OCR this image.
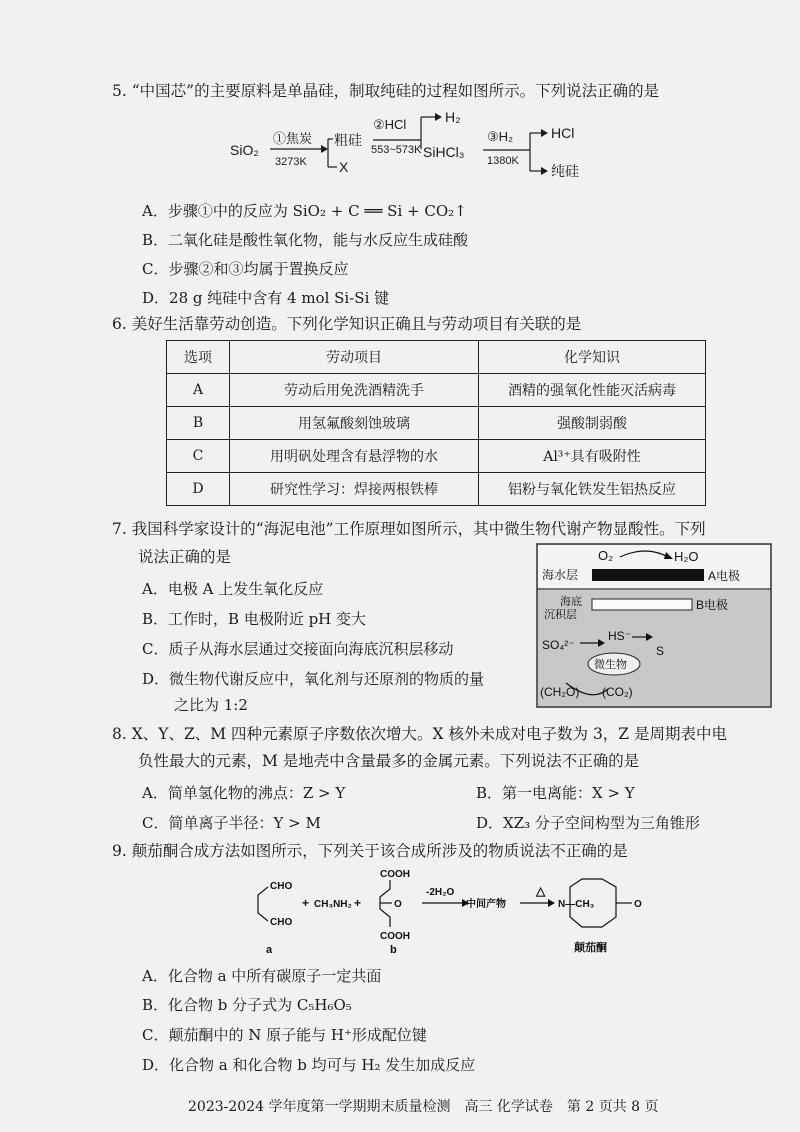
5. “中国芯”的主要原料是单晶硅，制取纯硅的过程如图所示。下列说法正确的是
SiO₂
①焦炭
3273K
粗硅
X
②HCl
553~573K
H₂
SiHCl₃
③H₂
1380K
HCl
纯硅
A．步骤①中的反应为 SiO₂ + C ══ Si + CO₂↑
B．二氧化硅是酸性氧化物，能与水反应生成硅酸
C．步骤②和③均属于置换反应
D．28 g 纯硅中含有 4 mol Si-Si 键
6. 美好生活靠劳动创造。下列化学知识正确且与劳动项目有关联的是
选项	劳动项目	化学知识
A	劳动后用免洗酒精洗手	酒精的强氧化性能灭活病毒
B	用氢氟酸刻蚀玻璃	强酸制弱酸
C	用明矾处理含有悬浮物的水	Al³⁺具有吸附性
D	研究性学习：焊接两根铁棒	铝粉与氧化铁发生铝热反应
7. 我国科学家设计的“海泥电池”工作原理如图所示，其中微生物代谢产物显酸性。下列
说法正确的是
A．电极 A 上发生氧化反应
B．工作时，B 电极附近 pH 变大
C．质子从海水层通过交接面向海底沉积层移动
D．微生物代谢反应中，氧化剂与还原剂的物质的量
之比为 1:2
O₂	H₂O
海水层	A电极
海底
沉积层
B电极
SO₄²⁻
HS⁻
S
微生物
(CH₂O) (CO₂)
8. X、Y、Z、M 四种元素原子序数依次增大。X 核外未成对电子数为 3，Z 是周期表中电
负性最大的元素，M 是地壳中含量最多的金属元素。下列说法不正确的是
A．简单氢化物的沸点：Z > Y	B．第一电离能：X > Y
C．简单离子半径：Y > M	D．XZ₃ 分子空间构型为三角锥形
9. 颠茄酮合成方法如图所示，下列关于该合成所涉及的物质说法不正确的是
CHO
CHO
a
+ CH₃NH₂ +
COOH
O
COOH
b
-2H₂O
中间产物
△
N—CH₃	O
颠茄酮
A．化合物 a 中所有碳原子一定共面
B．化合物 b 分子式为 C₅H₆O₅
C．颠茄酮中的 N 原子能与 H⁺形成配位键
D．化合物 a 和化合物 b 均可与 H₂ 发生加成反应
2023-2024 学年度第一学期期末质量检测　高三 化学试卷　第 2 页共 8 页
